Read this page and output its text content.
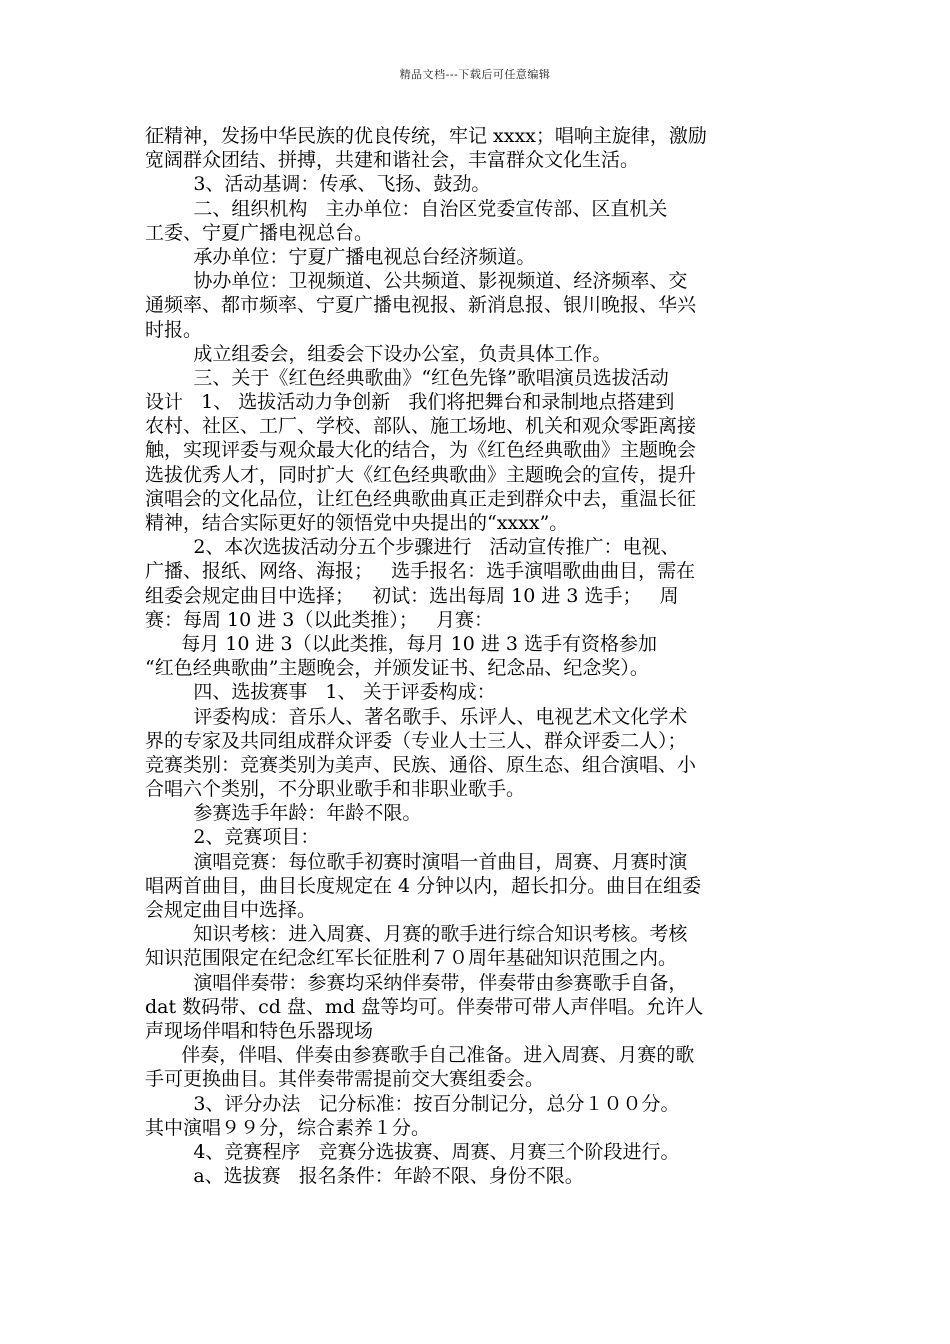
精品文档---下载后可任意编辑
征精神，发扬中华民族的优良传统，牢记 xxxx；唱响主旋律，激励
宽阔群众团结、拼搏，共建和谐社会，丰富群众文化生活。
3、活动基调：传承、飞扬、鼓劲。
二、组织机构   主办单位：自治区党委宣传部、区直机关
工委、宁夏广播电视总台。
承办单位：宁夏广播电视总台经济频道。
协办单位：卫视频道、公共频道、影视频道、经济频率、交
通频率、都市频率、宁夏广播电视报、新消息报、银川晚报、华兴
时报。
成立组委会，组委会下设办公室，负责具体工作。
三、关于《红色经典歌曲》“红色先锋”歌唱演员选拔活动
设计   1、 选拔活动力争创新   我们将把舞台和录制地点搭建到
农村、社区、工厂、学校、部队、施工场地、机关和观众零距离接
触，实现评委与观众最大化的结合，为《红色经典歌曲》主题晚会
选拔优秀人才，同时扩大《红色经典歌曲》主题晚会的宣传，提升
演唱会的文化品位，让红色经典歌曲真正走到群众中去，重温长征
精神，结合实际更好的领悟党中央提出的“xxxx”。
2、本次选拔活动分五个步骤进行   活动宣传推广：电视、
广播、报纸、网络、海报；   选手报名：选手演唱歌曲曲目，需在
组委会规定曲目中选择；   初试：选出每周 10 进 3 选手；   周
赛：每周 10 进 3（以此类推）；   月赛：
每月 10 进 3（以此类推，每月 10 进 3 选手有资格参加
“红色经典歌曲”主题晚会，并颁发证书、纪念品、纪念奖）。
四、选拔赛事   1、 关于评委构成：
评委构成：音乐人、著名歌手、乐评人、电视艺术文化学术
界的专家及共同组成群众评委（专业人士三人、群众评委二人）；
竞赛类别：竞赛类别为美声、民族、通俗、原生态、组合演唱、小
合唱六个类别，不分职业歌手和非职业歌手。
参赛选手年龄：年龄不限。
2、竞赛项目：
演唱竞赛：每位歌手初赛时演唱一首曲目，周赛、月赛时演
唱两首曲目，曲目长度规定在 4 分钟以内，超长扣分。曲目在组委
会规定曲目中选择。
知识考核：进入周赛、月赛的歌手进行综合知识考核。考核
知识范围限定在纪念红军长征胜利７０周年基础知识范围之内。
演唱伴奏带：参赛均采纳伴奏带，伴奏带由参赛歌手自备，
dat 数码带、cd 盘、md 盘等均可。伴奏带可带人声伴唱。允许人
声现场伴唱和特色乐器现场
伴奏，伴唱、伴奏由参赛歌手自己准备。进入周赛、月赛的歌
手可更换曲目。其伴奏带需提前交大赛组委会。
3、评分办法   记分标准：按百分制记分，总分１００分。
其中演唱９９分，综合素养１分。
4、竞赛程序   竞赛分选拔赛、周赛、月赛三个阶段进行。
a、选拔赛   报名条件：年龄不限、身份不限。
